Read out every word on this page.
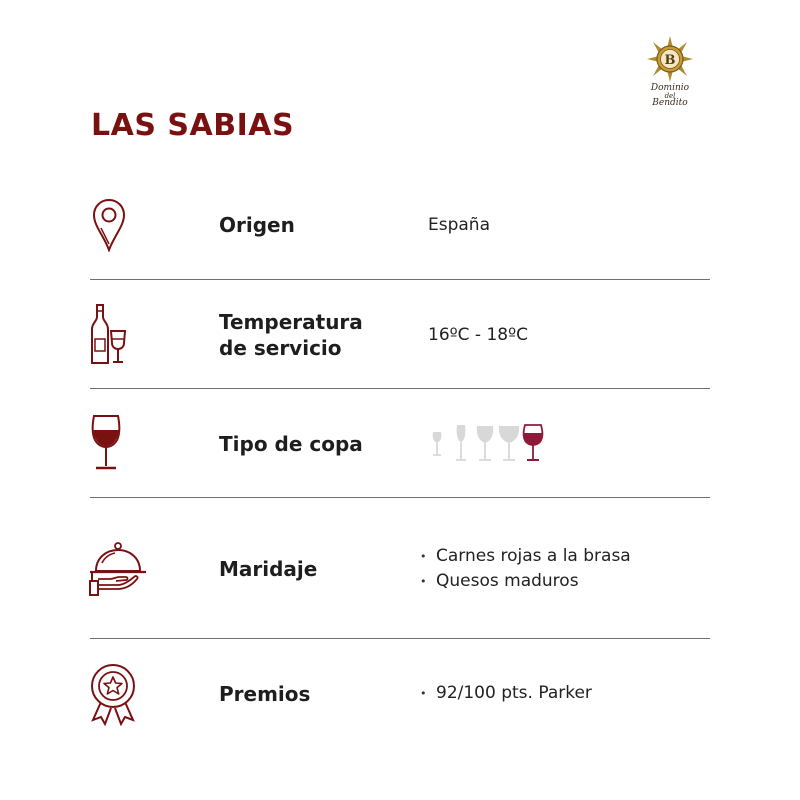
B
Dominio
del
Bendito
LAS SABIAS
Origen	España
Temperatura
de servicio
16ºC - 18ºC
Tipo de copa
Maridaje
• Carnes rojas a la brasa
• Quesos maduros
Premios
•	92/100 pts. Parker
